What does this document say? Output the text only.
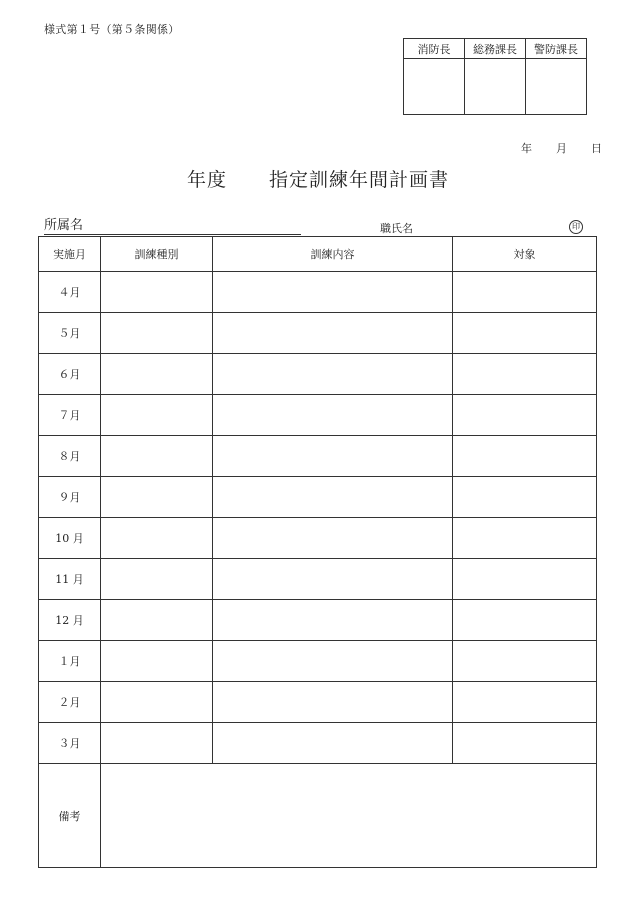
様式第１号（第５条関係）
消防長	総務課長	警防課長

年 月 日
年度 指定訓練年間計画書
所属名	職氏名	印
実施月	訓練種別	訓練内容	対象
４月			
５月			
６月			
７月			
８月			
９月			
10 月			
11 月			
12 月			
１月			
２月			
３月			
備考			
